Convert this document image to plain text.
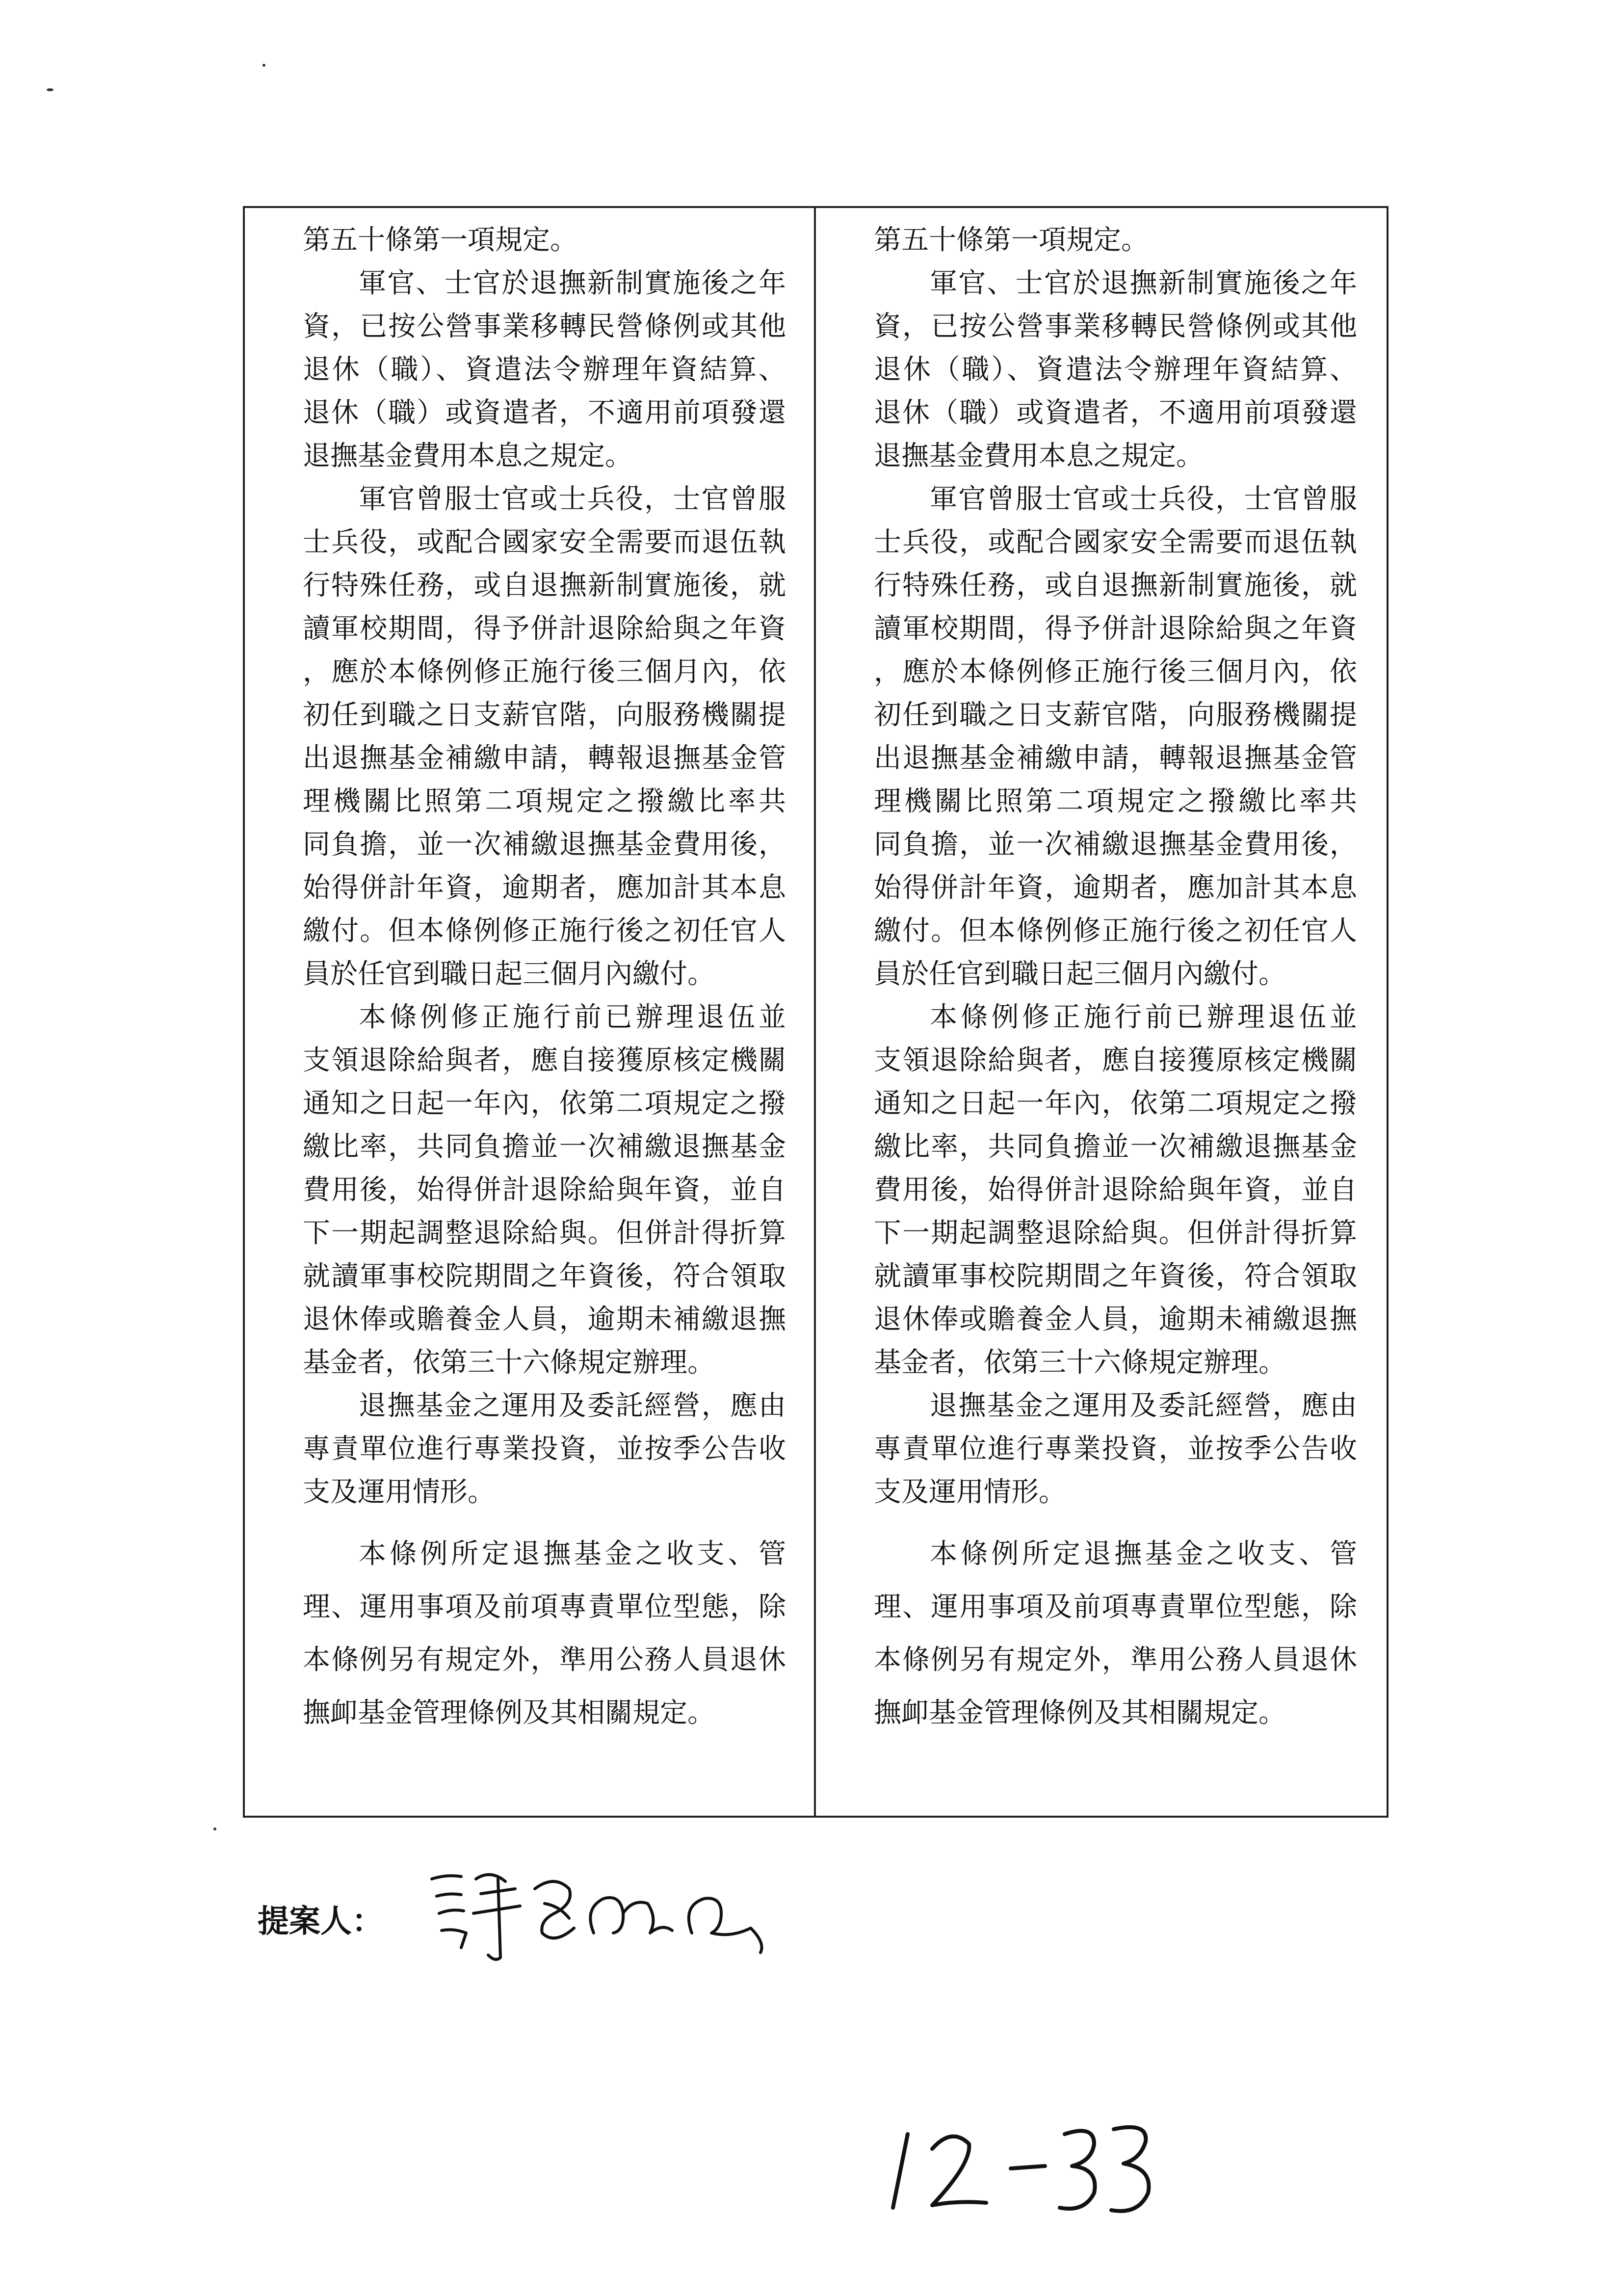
第五十條第一項規定。
軍官、士官於退撫新制實施後之年
資，已按公營事業移轉民營條例或其他
退休（職）、資遣法令辦理年資結算、
退休（職）或資遣者，不適用前項發還
退撫基金費用本息之規定。
軍官曾服士官或士兵役，士官曾服
士兵役，或配合國家安全需要而退伍執
行特殊任務，或自退撫新制實施後，就
讀軍校期間，得予併計退除給與之年資
，應於本條例修正施行後三個月內，依
初任到職之日支薪官階，向服務機關提
出退撫基金補繳申請，轉報退撫基金管
理機關比照第二項規定之撥繳比率共
同負擔，並一次補繳退撫基金費用後，
始得併計年資，逾期者，應加計其本息
繳付。但本條例修正施行後之初任官人
員於任官到職日起三個月內繳付。
本條例修正施行前已辦理退伍並
支領退除給與者，應自接獲原核定機關
通知之日起一年內，依第二項規定之撥
繳比率，共同負擔並一次補繳退撫基金
費用後，始得併計退除給與年資，並自
下一期起調整退除給與。但併計得折算
就讀軍事校院期間之年資後，符合領取
退休俸或贍養金人員，逾期未補繳退撫
基金者，依第三十六條規定辦理。
退撫基金之運用及委託經營，應由
專責單位進行專業投資，並按季公告收
支及運用情形。
本條例所定退撫基金之收支、管
理、運用事項及前項專責單位型態，除
本條例另有規定外，準用公務人員退休
撫卹基金管理條例及其相關規定。
第五十條第一項規定。
軍官、士官於退撫新制實施後之年
資，已按公營事業移轉民營條例或其他
退休（職）、資遣法令辦理年資結算、
退休（職）或資遣者，不適用前項發還
退撫基金費用本息之規定。
軍官曾服士官或士兵役，士官曾服
士兵役，或配合國家安全需要而退伍執
行特殊任務，或自退撫新制實施後，就
讀軍校期間，得予併計退除給與之年資
，應於本條例修正施行後三個月內，依
初任到職之日支薪官階，向服務機關提
出退撫基金補繳申請，轉報退撫基金管
理機關比照第二項規定之撥繳比率共
同負擔，並一次補繳退撫基金費用後，
始得併計年資，逾期者，應加計其本息
繳付。但本條例修正施行後之初任官人
員於任官到職日起三個月內繳付。
本條例修正施行前已辦理退伍並
支領退除給與者，應自接獲原核定機關
通知之日起一年內，依第二項規定之撥
繳比率，共同負擔並一次補繳退撫基金
費用後，始得併計退除給與年資，並自
下一期起調整退除給與。但併計得折算
就讀軍事校院期間之年資後，符合領取
退休俸或贍養金人員，逾期未補繳退撫
基金者，依第三十六條規定辦理。
退撫基金之運用及委託經營，應由
專責單位進行專業投資，並按季公告收
支及運用情形。
本條例所定退撫基金之收支、管
理、運用事項及前項專責單位型態，除
本條例另有規定外，準用公務人員退休
撫卹基金管理條例及其相關規定。
提案人：
